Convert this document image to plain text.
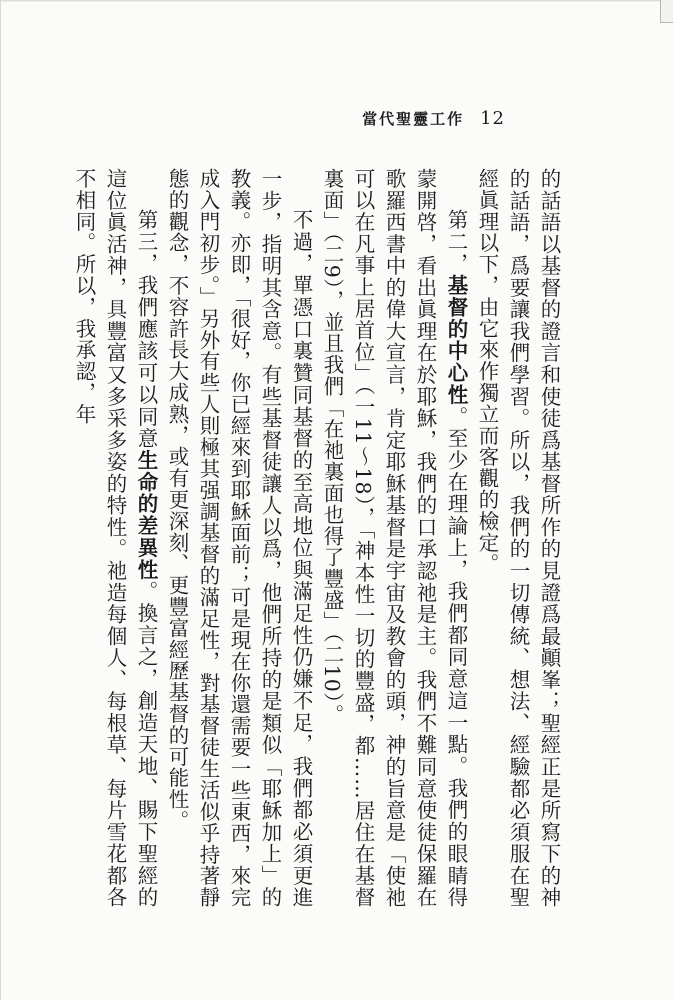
當代聖靈工作 12

的話語以基督的證言和使徒爲基督所作的見證爲最顚峯；聖經正是所寫下的神的話語，爲要讓我們學習。所以，我們的一切傳統、想法、經驗都必須服在聖經眞理以下，由它來作獨立而客觀的檢定。

第二，基督的中心性。至少在理論上，我們都同意這一點。我們的眼睛得蒙開啓，看出眞理在於耶穌，我們的口承認祂是主。我們不難同意使徒保羅在歌羅西書中的偉大宣言，肯定耶穌基督是宇宙及教會的頭，神的旨意是「使祂可以在凡事上居首位」（一11～18），「神本性一切的豐盛，都……居住在基督裏面」（二9），並且我們「在祂裏面也得了豐盛」（二10）。

不過，單憑口裏贊同基督的至高地位與滿足性仍嫌不足，我們都必須更進一步，指明其含意。有些基督徒讓人以爲，他們所持的是類似「耶穌加上」的教義。亦即，「很好，你已經來到耶穌面前；可是現在你還需要一些東西，來完成入門初步。」另外有些人則極其强調基督的滿足性，對基督徒生活似乎持著靜態的觀念，不容許長大成熟，或有更深刻、更豐富經歷基督的可能性。

第三，我們應該可以同意生命的差異性。換言之，創造天地、賜下聖經的這位眞活神，具豐富又多采多姿的特性。祂造每個人、每根草、每片雪花都各不相同。所以，我承認，年
